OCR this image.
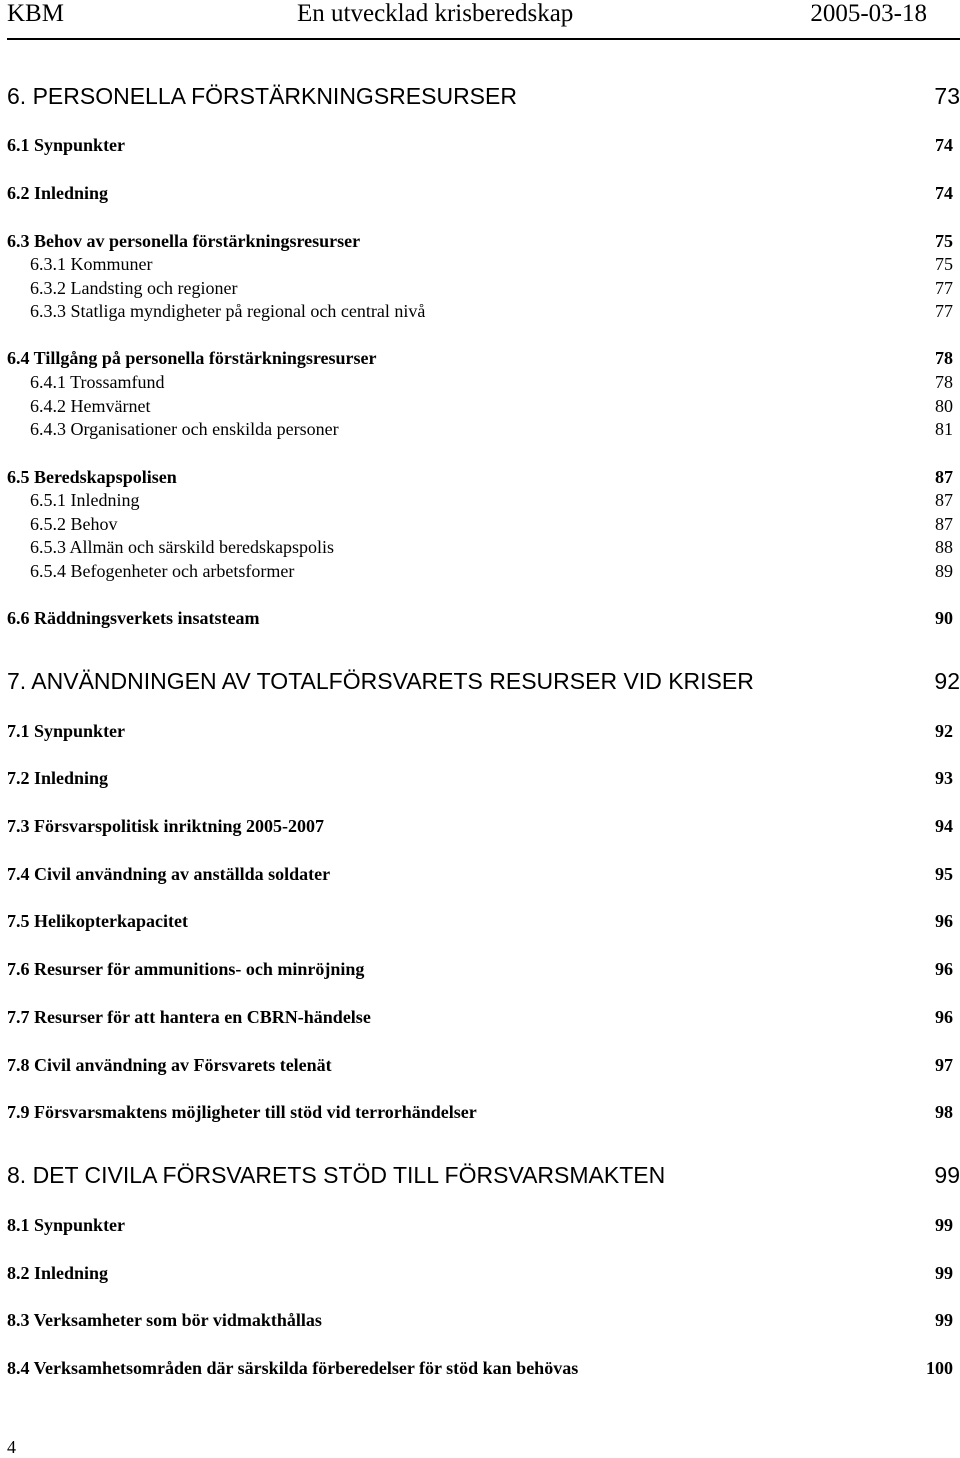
KBM	En utvecklad krisberedskap	2005-03-18
6. PERSONELLA FÖRSTÄRKNINGSRESURSER	73
6.1 Synpunkter	74
6.2 Inledning	74
6.3 Behov av personella förstärkningsresurser	75
6.3.1 Kommuner	75
6.3.2 Landsting och regioner	77
6.3.3 Statliga myndigheter på regional och central nivå	77
6.4 Tillgång på personella förstärkningsresurser	78
6.4.1 Trossamfund	78
6.4.2 Hemvärnet	80
6.4.3 Organisationer och enskilda personer	81
6.5 Beredskapspolisen	87
6.5.1 Inledning	87
6.5.2 Behov	87
6.5.3 Allmän och särskild beredskapspolis	88
6.5.4 Befogenheter och arbetsformer	89
6.6 Räddningsverkets insatsteam	90
7. ANVÄNDNINGEN AV TOTALFÖRSVARETS RESURSER VID KRISER	92
7.1 Synpunkter	92
7.2 Inledning	93
7.3 Försvarspolitisk inriktning 2005-2007	94
7.4 Civil användning av anställda soldater	95
7.5 Helikopterkapacitet	96
7.6 Resurser för ammunitions- och minröjning	96
7.7 Resurser för att hantera en CBRN-händelse	96
7.8 Civil användning av Försvarets telenät	97
7.9 Försvarsmaktens möjligheter till stöd vid terrorhändelser	98
8. DET CIVILA FÖRSVARETS STÖD TILL FÖRSVARSMAKTEN	99
8.1 Synpunkter	99
8.2 Inledning	99
8.3 Verksamheter som bör vidmakthållas	99
8.4 Verksamhetsområden där särskilda förberedelser för stöd kan behövas	100
4
